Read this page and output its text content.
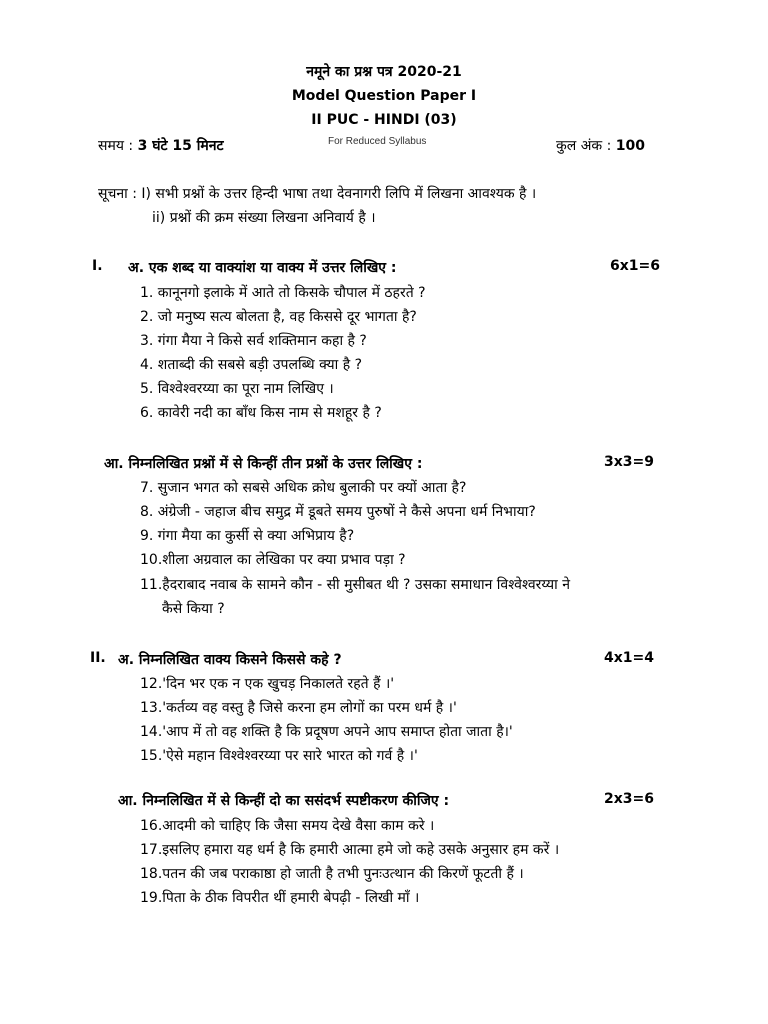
नमूने का प्रश्न पत्र 2020-21
Model Question Paper I
II PUC - HINDI (03)
समय : 3 घंटे 15 मिनट	For Reduced Syllabus	कुल अंक : 100
सूचना : I) सभी प्रश्नों के उत्तर हिन्दी भाषा तथा देवनागरी लिपि में लिखना आवश्यक है ।
ii) प्रश्नों की क्रम संख्या लिखना अनिवार्य है ।
I. अ. एक शब्द या वाक्यांश या वाक्य में उत्तर लिखिए :	6x1=6
1. कानूनगो इलाके में आते तो किसके चौपाल में ठहरते ?
2. जो मनुष्य सत्य बोलता है, वह किससे दूर भागता है?
3. गंगा मैया ने किसे सर्व शक्तिमान कहा है ?
4. शताब्दी की सबसे बड़ी उपलब्धि क्या है ?
5. विश्वेश्वरय्या का पूरा नाम लिखिए ।
6. कावेरी नदी का बाँध किस नाम से मशहूर है ?
आ. निम्नलिखित प्रश्नों में से किन्हीं तीन प्रश्नों के उत्तर लिखिए :	3x3=9
7. सुजान भगत को सबसे अधिक क्रोध बुलाकी पर क्यों आता है?
8. अंग्रेजी - जहाज बीच समुद्र में डूबते समय पुरुषों ने कैसे अपना धर्म निभाया?
9. गंगा मैया का कुर्सी से क्या अभिप्राय है?
10.शीला अग्रवाल का लेखिका पर क्या प्रभाव पड़ा ?
11.हैदराबाद नवाब के सामने कौन - सी मुसीबत थी ? उसका समाधान विश्वेश्वरय्या ने
कैसे किया ?
II. अ. निम्नलिखित वाक्य किसने किससे कहे ?	4x1=4
12.'दिन भर एक न एक खुचड़ निकालते रहते हैं ।'
13.'कर्तव्य वह वस्तु है जिसे करना हम लोगों का परम धर्म है ।'
14.'आप में तो वह शक्ति है कि प्रदूषण अपने आप समाप्त होता जाता है।'
15.'ऐसे महान विश्वेश्वरय्या पर सारे भारत को गर्व है ।'
आ. निम्नलिखित में से किन्हीं दो का ससंदर्भ स्पष्टीकरण कीजिए :	2x3=6
16.आदमी को चाहिए कि जैसा समय देखे वैसा काम करे ।
17.इसलिए हमारा यह धर्म है कि हमारी आत्मा हमे जो कहे उसके अनुसार हम करें ।
18.पतन की जब पराकाष्ठा हो जाती है तभी पुनःउत्थान की किरणें फूटती हैं ।
19.पिता के ठीक विपरीत थीं हमारी बेपढ़ी - लिखी माँ ।
